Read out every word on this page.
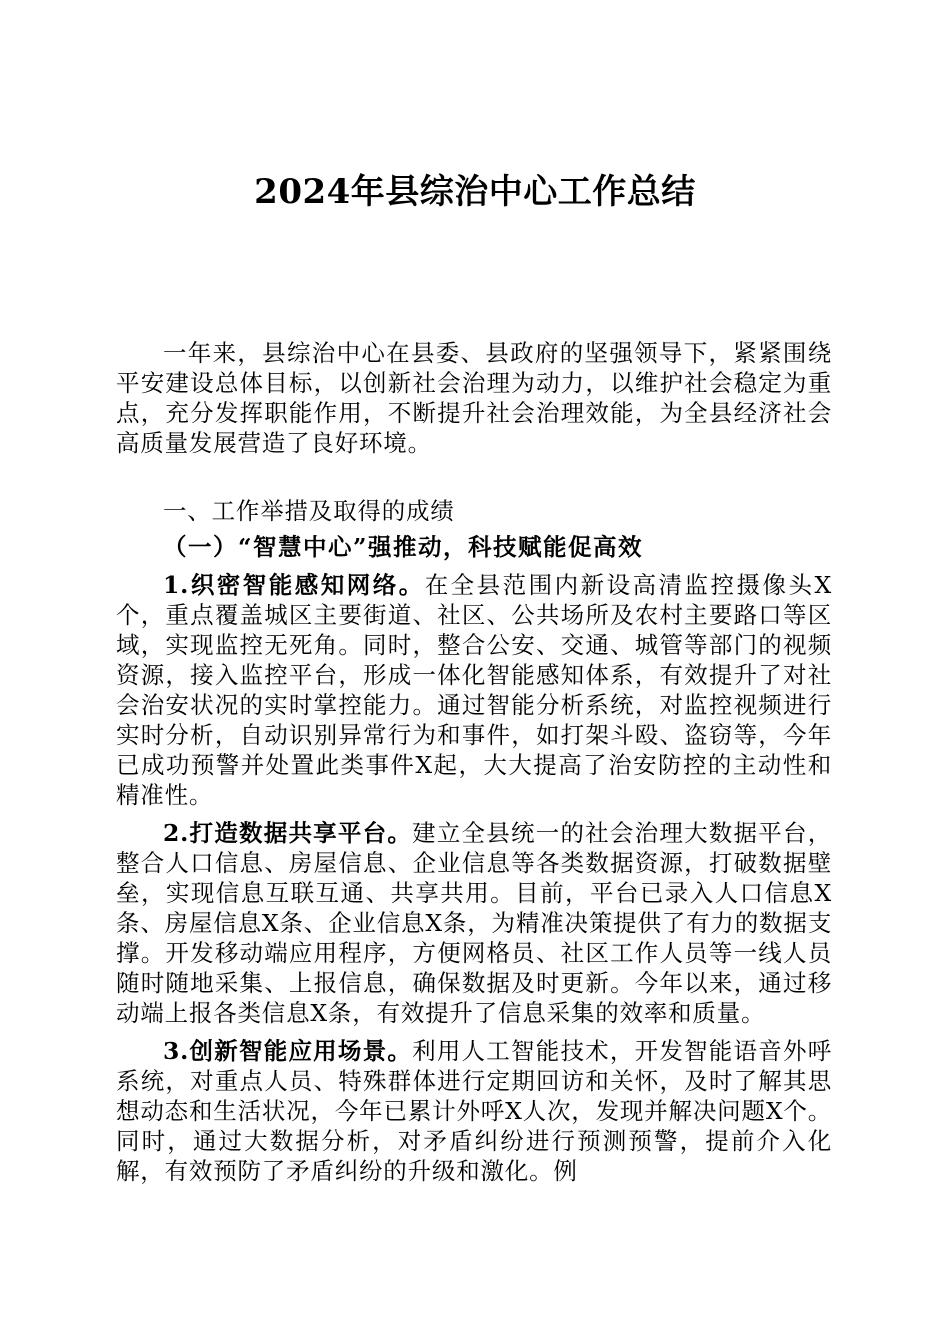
2024年县综治中心工作总结

一年来，县综治中心在县委、县政府的坚强领导下，紧紧围绕平安建设总体目标，以创新社会治理为动力，以维护社会稳定为重点，充分发挥职能作用，不断提升社会治理效能，为全县经济社会高质量发展营造了良好环境。

一、工作举措及取得的成绩

（一）“智慧中心”强推动，科技赋能促高效

1.织密智能感知网络。在全县范围内新设高清监控摄像头X个，重点覆盖城区主要街道、社区、公共场所及农村主要路口等区域，实现监控无死角。同时，整合公安、交通、城管等部门的视频资源，接入监控平台，形成一体化智能感知体系，有效提升了对社会治安状况的实时掌控能力。通过智能分析系统，对监控视频进行实时分析，自动识别异常行为和事件，如打架斗殴、盗窃等，今年已成功预警并处置此类事件X起，大大提高了治安防控的主动性和精准性。

2.打造数据共享平台。建立全县统一的社会治理大数据平台，整合人口信息、房屋信息、企业信息等各类数据资源，打破数据壁垒，实现信息互联互通、共享共用。目前，平台已录入人口信息X条、房屋信息X条、企业信息X条，为精准决策提供了有力的数据支撑。开发移动端应用程序，方便网格员、社区工作人员等一线人员随时随地采集、上报信息，确保数据及时更新。今年以来，通过移动端上报各类信息X条，有效提升了信息采集的效率和质量。

3.创新智能应用场景。利用人工智能技术，开发智能语音外呼系统，对重点人员、特殊群体进行定期回访和关怀，及时了解其思想动态和生活状况，今年已累计外呼X人次，发现并解决问题X个。同时，通过大数据分析，对矛盾纠纷进行预测预警，提前介入化解，有效预防了矛盾纠纷的升级和激化。例
